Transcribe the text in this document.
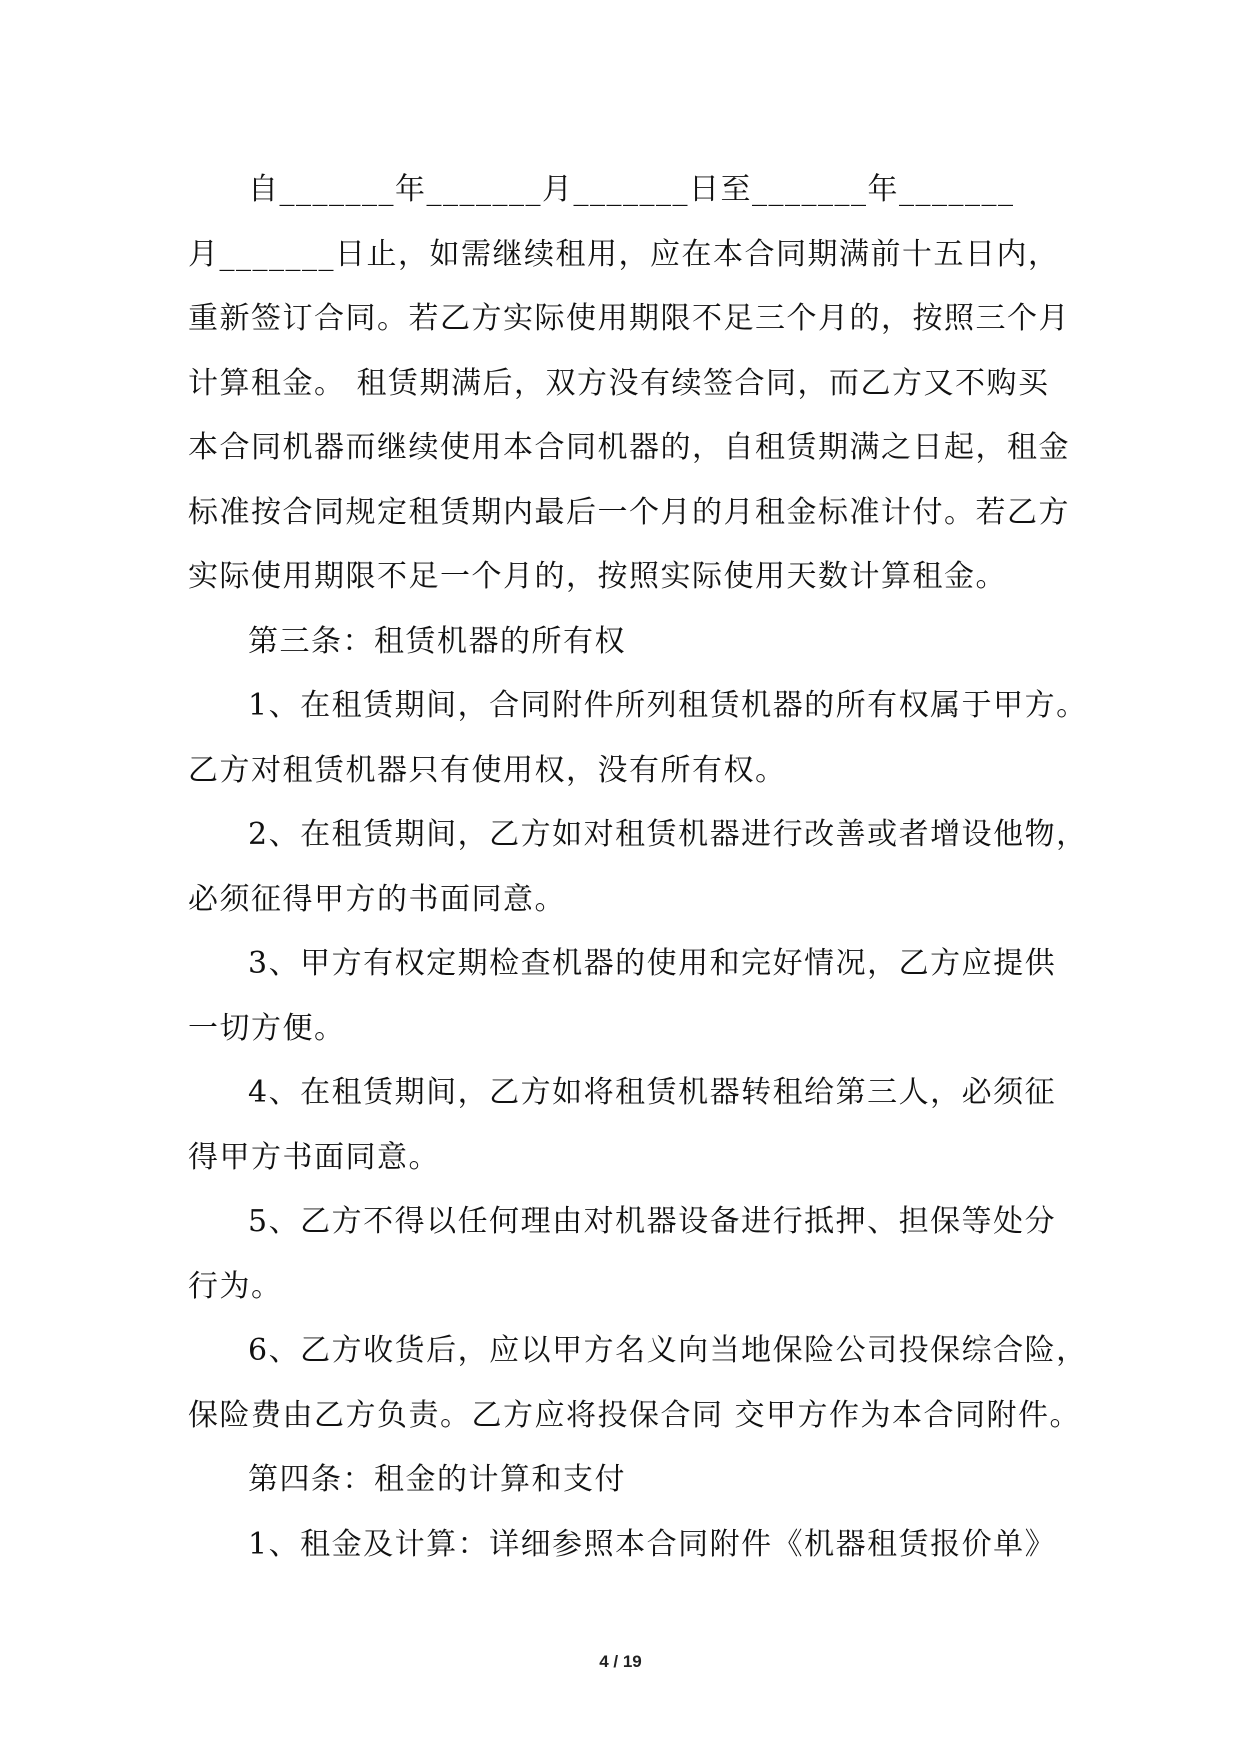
自_______年_______月_______日至_______年_______
月_______日止，如需继续租用，应在本合同期满前十五日内，
重新签订合同。若乙方实际使用期限不足三个月的，按照三个月
计算租金。 租赁期满后，双方没有续签合同，而乙方又不购买
本合同机器而继续使用本合同机器的，自租赁期满之日起，租金
标准按合同规定租赁期内最后一个月的月租金标准计付。若乙方
实际使用期限不足一个月的，按照实际使用天数计算租金。
第三条：租赁机器的所有权
1、在租赁期间，合同附件所列租赁机器的所有权属于甲方。
乙方对租赁机器只有使用权，没有所有权。
2、在租赁期间，乙方如对租赁机器进行改善或者增设他物，
必须征得甲方的书面同意。
3、甲方有权定期检查机器的使用和完好情况，乙方应提供
一切方便。
4、在租赁期间，乙方如将租赁机器转租给第三人，必须征
得甲方书面同意。
5、乙方不得以任何理由对机器设备进行抵押、担保等处分
行为。
6、乙方收货后，应以甲方名义向当地保险公司投保综合险，
保险费由乙方负责。乙方应将投保合同 交甲方作为本合同附件。
第四条：租金的计算和支付
1、租金及计算：详细参照本合同附件《机器租赁报价单》
4 / 19
